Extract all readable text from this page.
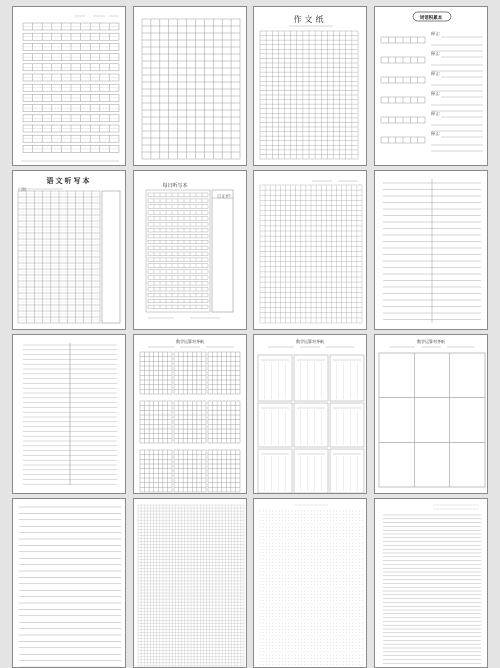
作文纸
·
·
·
·
词语积累本
释义:
释义:
释义:
释义:
释义:
释义:
语文听写本
日期:
每日听写本
订正栏
数学运算对齐纸	数学运算对齐纸	数学运算对齐纸
